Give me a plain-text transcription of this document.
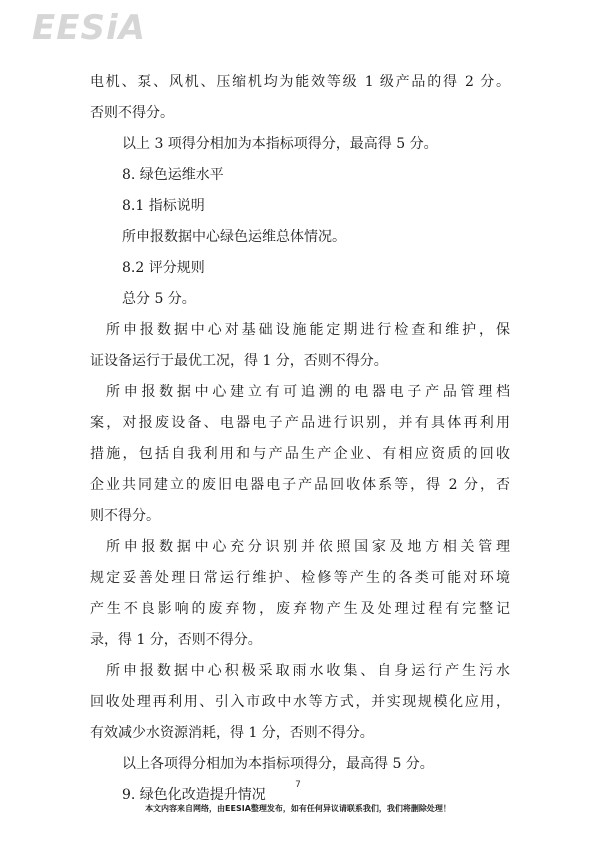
EESiA
电机、泵、风机、压缩机均为能效等级 1 级产品的得 2 分。
否则不得分。
以上 3 项得分相加为本指标项得分，最高得 5 分。
8. 绿色运维水平
8.1 指标说明
所申报数据中心绿色运维总体情况。
8.2 评分规则
总分 5 分。
所申报数据中心对基础设施能定期进行检查和维护，保
证设备运行于最优工况，得 1 分，否则不得分。
所申报数据中心建立有可追溯的电器电子产品管理档
案，对报废设备、电器电子产品进行识别，并有具体再利用
措施，包括自我利用和与产品生产企业、有相应资质的回收
企业共同建立的废旧电器电子产品回收体系等，得 2 分，否
则不得分。
所申报数据中心充分识别并依照国家及地方相关管理
规定妥善处理日常运行维护、检修等产生的各类可能对环境
产生不良影响的废弃物，废弃物产生及处理过程有完整记
录，得 1 分，否则不得分。
所申报数据中心积极采取雨水收集、自身运行产生污水
回收处理再利用、引入市政中水等方式，并实现规模化应用，
有效减少水资源消耗，得 1 分，否则不得分。
以上各项得分相加为本指标项得分，最高得 5 分。
9. 绿色化改造提升情况
7
本文内容来自网络，由EESIA整理发布，如有任何异议请联系我们，我们将删除处理！
